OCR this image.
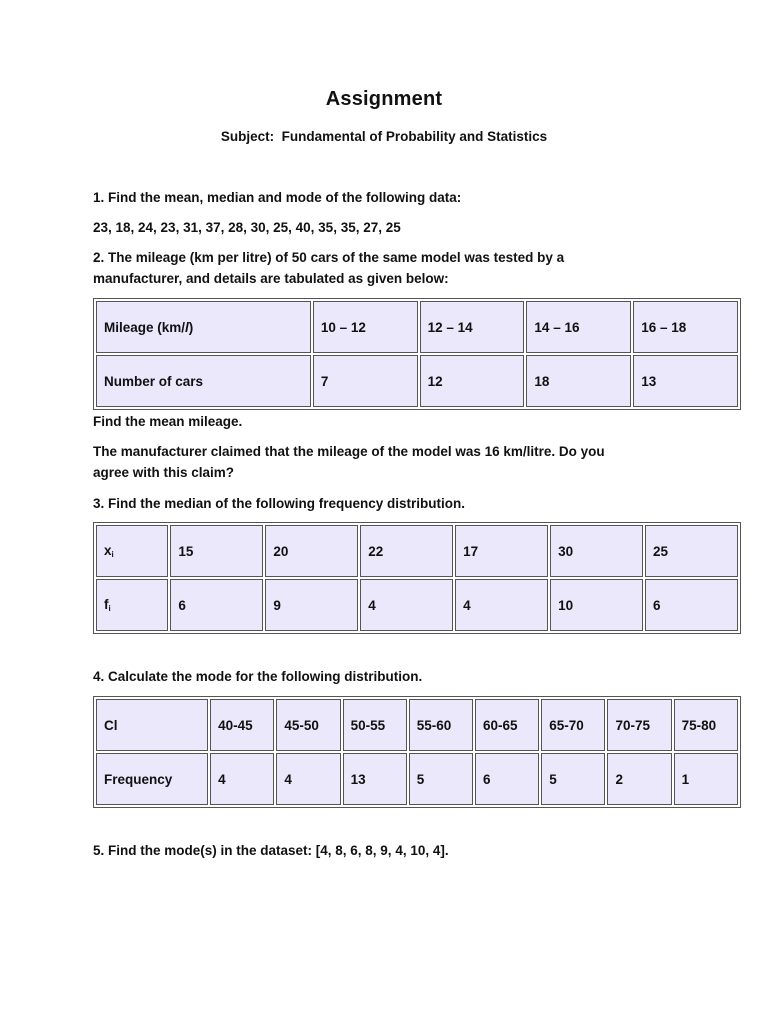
Assignment
Subject:  Fundamental of Probability and Statistics
1. Find the mean, median and mode of the following data:
23, 18, 24, 23, 31, 37, 28, 30, 25, 40, 35, 35, 27, 25
2. The mileage (km per litre) of 50 cars of the same model was tested by a
manufacturer, and details are tabulated as given below:
Mileage (km/l)	10 – 12	12 – 14	14 – 16	16 – 18
Number of cars	7	12	18	13
Find the mean mileage.
The manufacturer claimed that the mileage of the model was 16 km/litre. Do you
agree with this claim?
3. Find the median of the following frequency distribution.
$x_i$	15	20	22	17	30	25
$f_i$	6	9	4	4	10	6
4. Calculate the mode for the following distribution.
Cl	40-45	45-50	50-55	55-60	60-65	65-70	70-75	75-80
Frequency	4	4	13	5	6	5	2	1
5. Find the mode(s) in the dataset: [4, 8, 6, 8, 9, 4, 10, 4].
